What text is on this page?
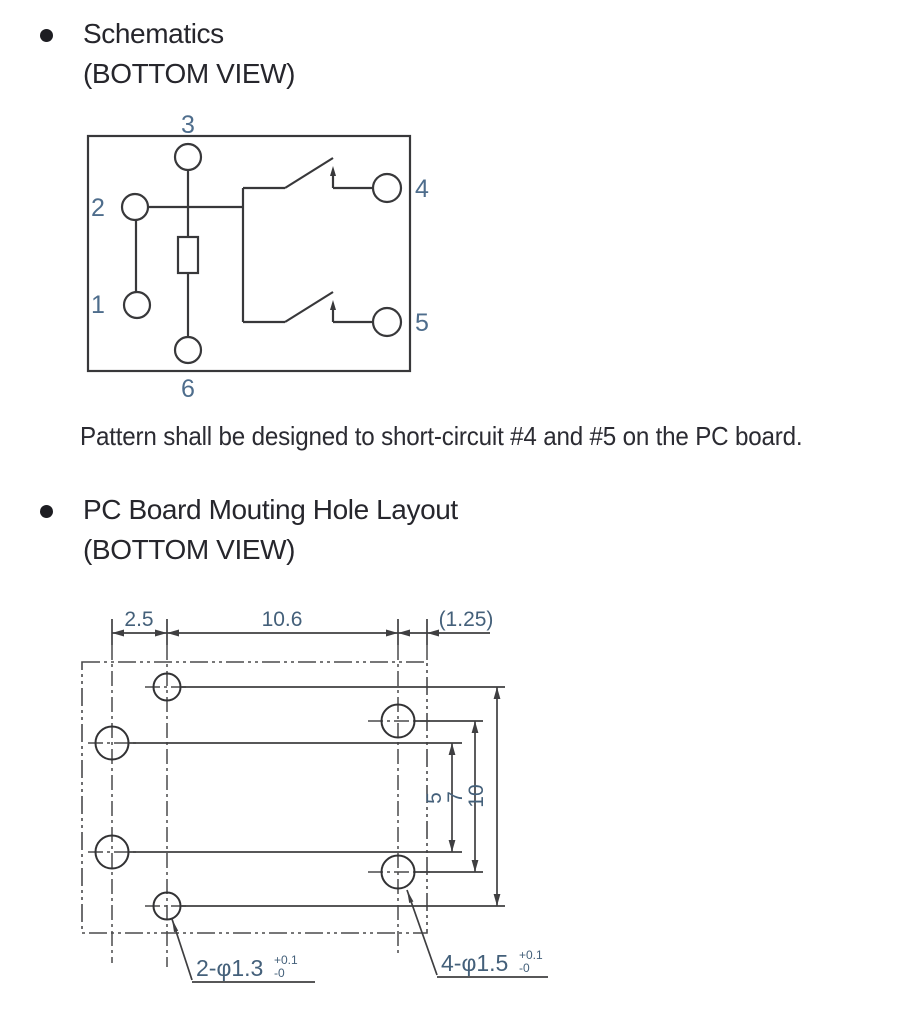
Schematics
(BOTTOM VIEW)
3
2
1
6
4
5
Pattern shall be designed to short-circuit #4 and #5 on the PC board.
PC Board Mouting Hole Layout
(BOTTOM VIEW)
2.5	10.6	(1.25)
5
7
10
2-φ1.3 +0.1
-0	4-φ1.5 +0.1
-0
